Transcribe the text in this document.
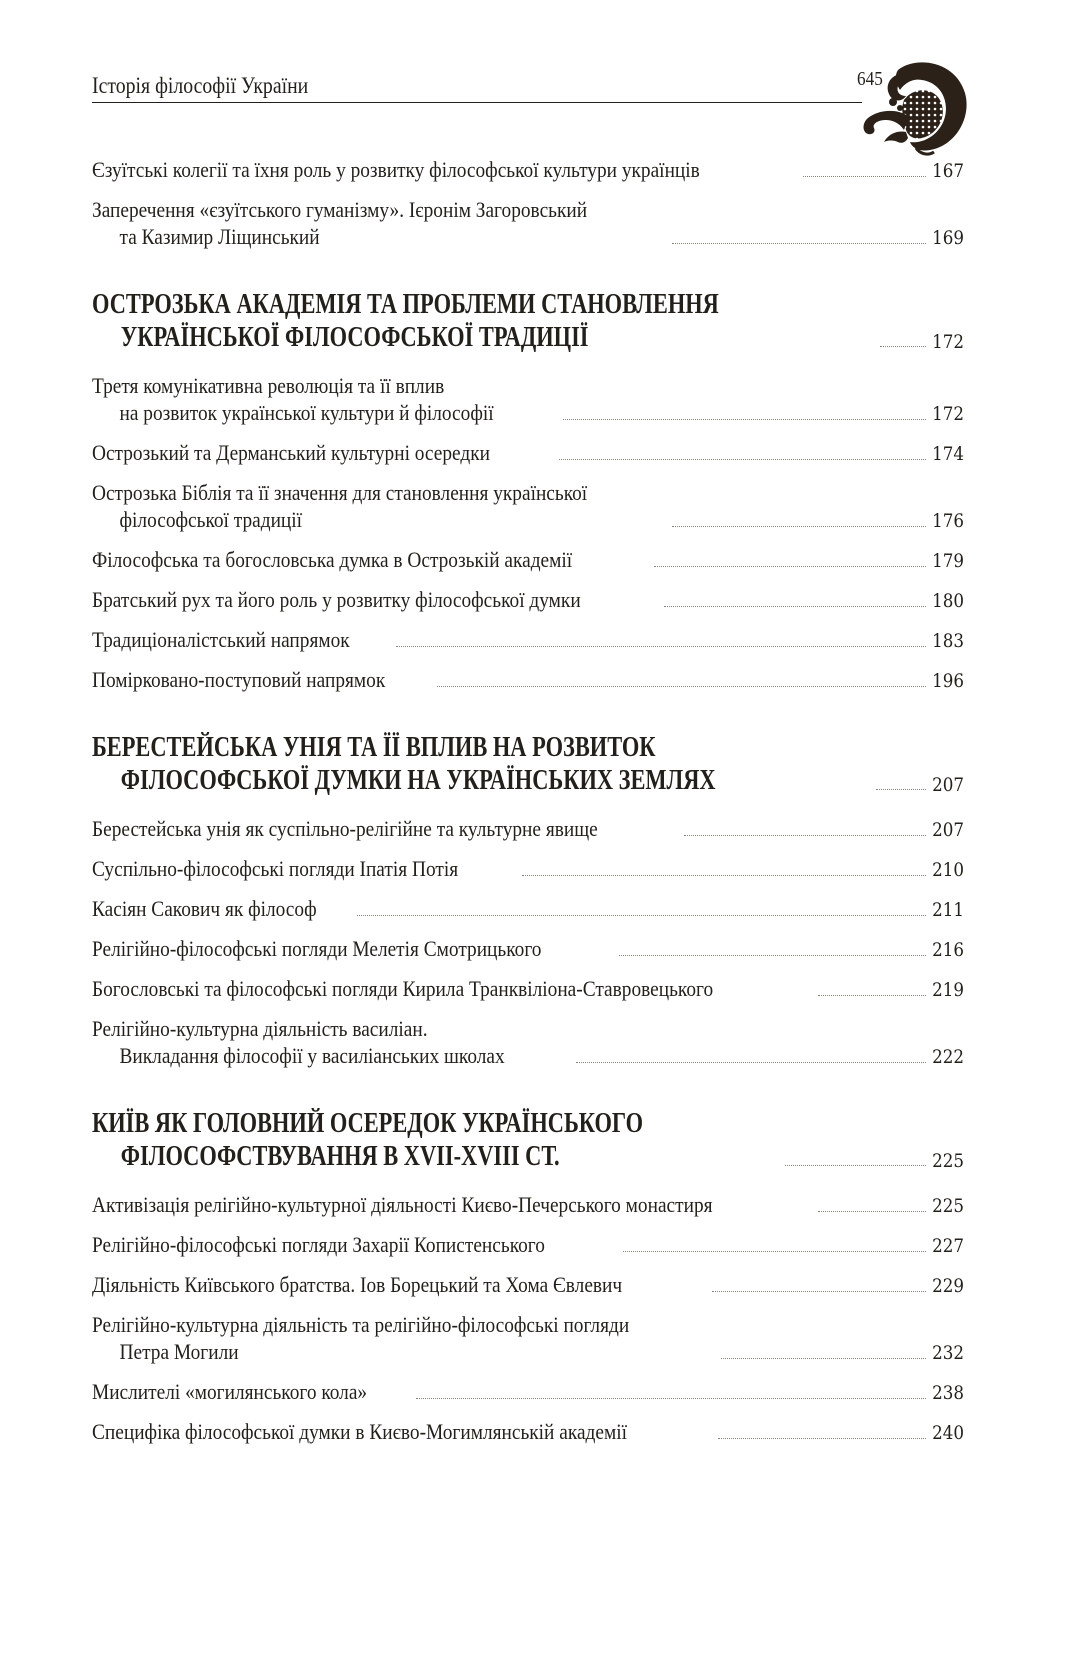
Історія філософії України	645
Єзуїтські колегії та їхня роль у розвитку філософської культури українців	167
Заперечення «єзуїтського гуманізму». Ієронім Загоровський
та Казимир Ліщинський	169
ОСТРОЗЬКА АКАДЕМІЯ ТА ПРОБЛЕМИ СТАНОВЛЕННЯ
УКРАЇНСЬКОЇ ФІЛОСОФСЬКОЇ ТРАДИЦІЇ	172
Третя комунікативна революція та її вплив
на розвиток української культури й філософії	172
Острозький та Дерманський культурні осередки	174
Острозька Біблія та її значення для становлення української
філософської традиції	176
Філософська та богословська думка в Острозькій академії	179
Братський рух та його роль у розвитку філософської думки	180
Традиціоналістський напрямок	183
Помірковано-поступовий напрямок	196
БЕРЕСТЕЙСЬКА УНІЯ ТА ЇЇ ВПЛИВ НА РОЗВИТОК
ФІЛОСОФСЬКОЇ ДУМКИ НА УКРАЇНСЬКИХ ЗЕМЛЯХ	207
Берестейська унія як суспільно-релігійне та культурне явище	207
Суспільно-філософські погляди Іпатія Потія	210
Касіян Сакович як філософ	211
Релігійно-філософські погляди Мелетія Смотрицького	216
Богословські та філософські погляди Кирила Транквіліона-Ставровецького	219
Релігійно-культурна діяльність василіан.
Викладання філософії у василіанських школах	222
КИЇВ ЯК ГОЛОВНИЙ ОСЕРЕДОК УКРАЇНСЬКОГО
ФІЛОСОФСТВУВАННЯ В XVII-XVIII СТ.	225
Активізація релігійно-культурної діяльності Києво-Печерського монастиря	225
Релігійно-філософські погляди Захарії Копистенського	227
Діяльність Київського братства. Іов Борецький та Хома Євлевич	229
Релігійно-культурна діяльність та релігійно-філософські погляди
Петра Могили	232
Мислителі «могилянського кола»	238
Специфіка філософської думки в Києво-Могимлянській академії	240
